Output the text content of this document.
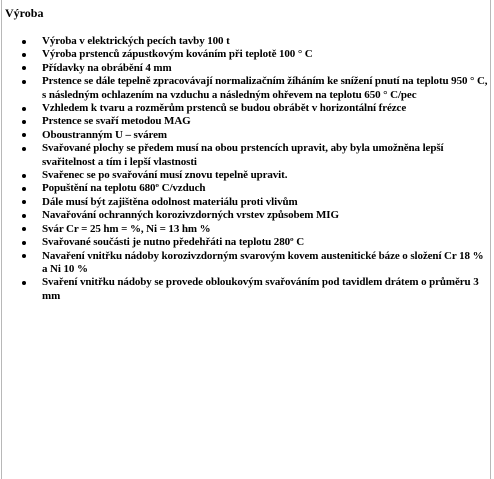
Výroba
Výroba v elektrických pecích tavby 100 t
Výroba prstenců zápustkovým kováním při teplotě 100 ° C
Přídavky na obrábění 4 mm
Prstence se dále tepelně zpracovávají normalizačním žíháním ke snížení pnutí na teplotu 950 ° C, s následným ochlazením na vzduchu a následným ohřevem na teplotu 650 ° C/pec
Vzhledem k tvaru a rozměrům prstenců se budou obrábět v horizontální frézce
Prstence se svaří metodou MAG
Oboustranným U – svárem
Svařované plochy se předem musí na obou prstencích upravit, aby byla umožněna lepší svařitelnost a tím i lepší vlastnosti
Svařenec se po svařování musí znovu tepelně upravit.
Popuštění na teplotu 680º C/vzduch
Dále musí být zajištěna odolnost materiálu proti vlivům
Navařování ochranných korozivzdorných vrstev způsobem MIG
Svár Cr = 25 hm = %, Ni = 13 hm %
Svařované součásti je nutno předehřáti na teplotu 280º C
Navaření vnitřku nádoby korozivzdorným svarovým kovem austenitické báze o složení Cr 18 % a Ni 10 %
Svaření vnitřku nádoby se provede obloukovým svařováním pod tavidlem drátem o průměru 3 mm
